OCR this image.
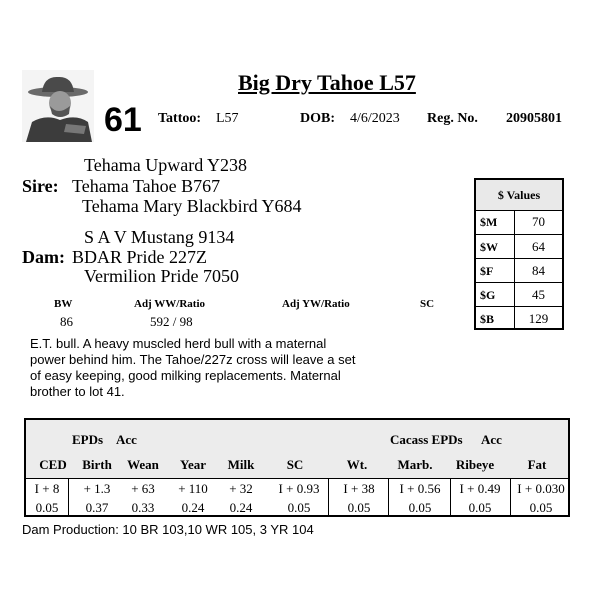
Big Dry Tahoe L57
61 Tattoo: L57	DOB: 4/6/2023 Reg. No. 20905801
Tehama Upward Y238
Sire: Tehama Tahoe B767
Tehama Mary Blackbird Y684
S A V Mustang 9134
Dam: BDAR Pride 227Z
Vermilion Pride 7050
BW	Adj WW/Ratio	Adj YW/Ratio	SC
86	592 / 98
E.T. bull. A heavy muscled herd bull with a maternal power behind him. The Tahoe/227z cross will leave a set of easy keeping, good milking replacements. Maternal brother to lot 41.
$ Values
$M	70
$W	64
$F	84
$G	45
$B	129
EPDs Acc	Cacass EPDs Acc
CED	Birth	Wean	Year	Milk	SC	Wt.	Marb.	Ribeye	Fat
I + 8	+ 1.3	+ 63	+ 110	+ 32	I + 0.93	I + 38	I + 0.56	I + 0.49	I + 0.030
0.05	0.37	0.33	0.24	0.24	0.05	0.05	0.05	0.05	0.05
Dam Production: 10 BR 103,10 WR 105, 3 YR 104
